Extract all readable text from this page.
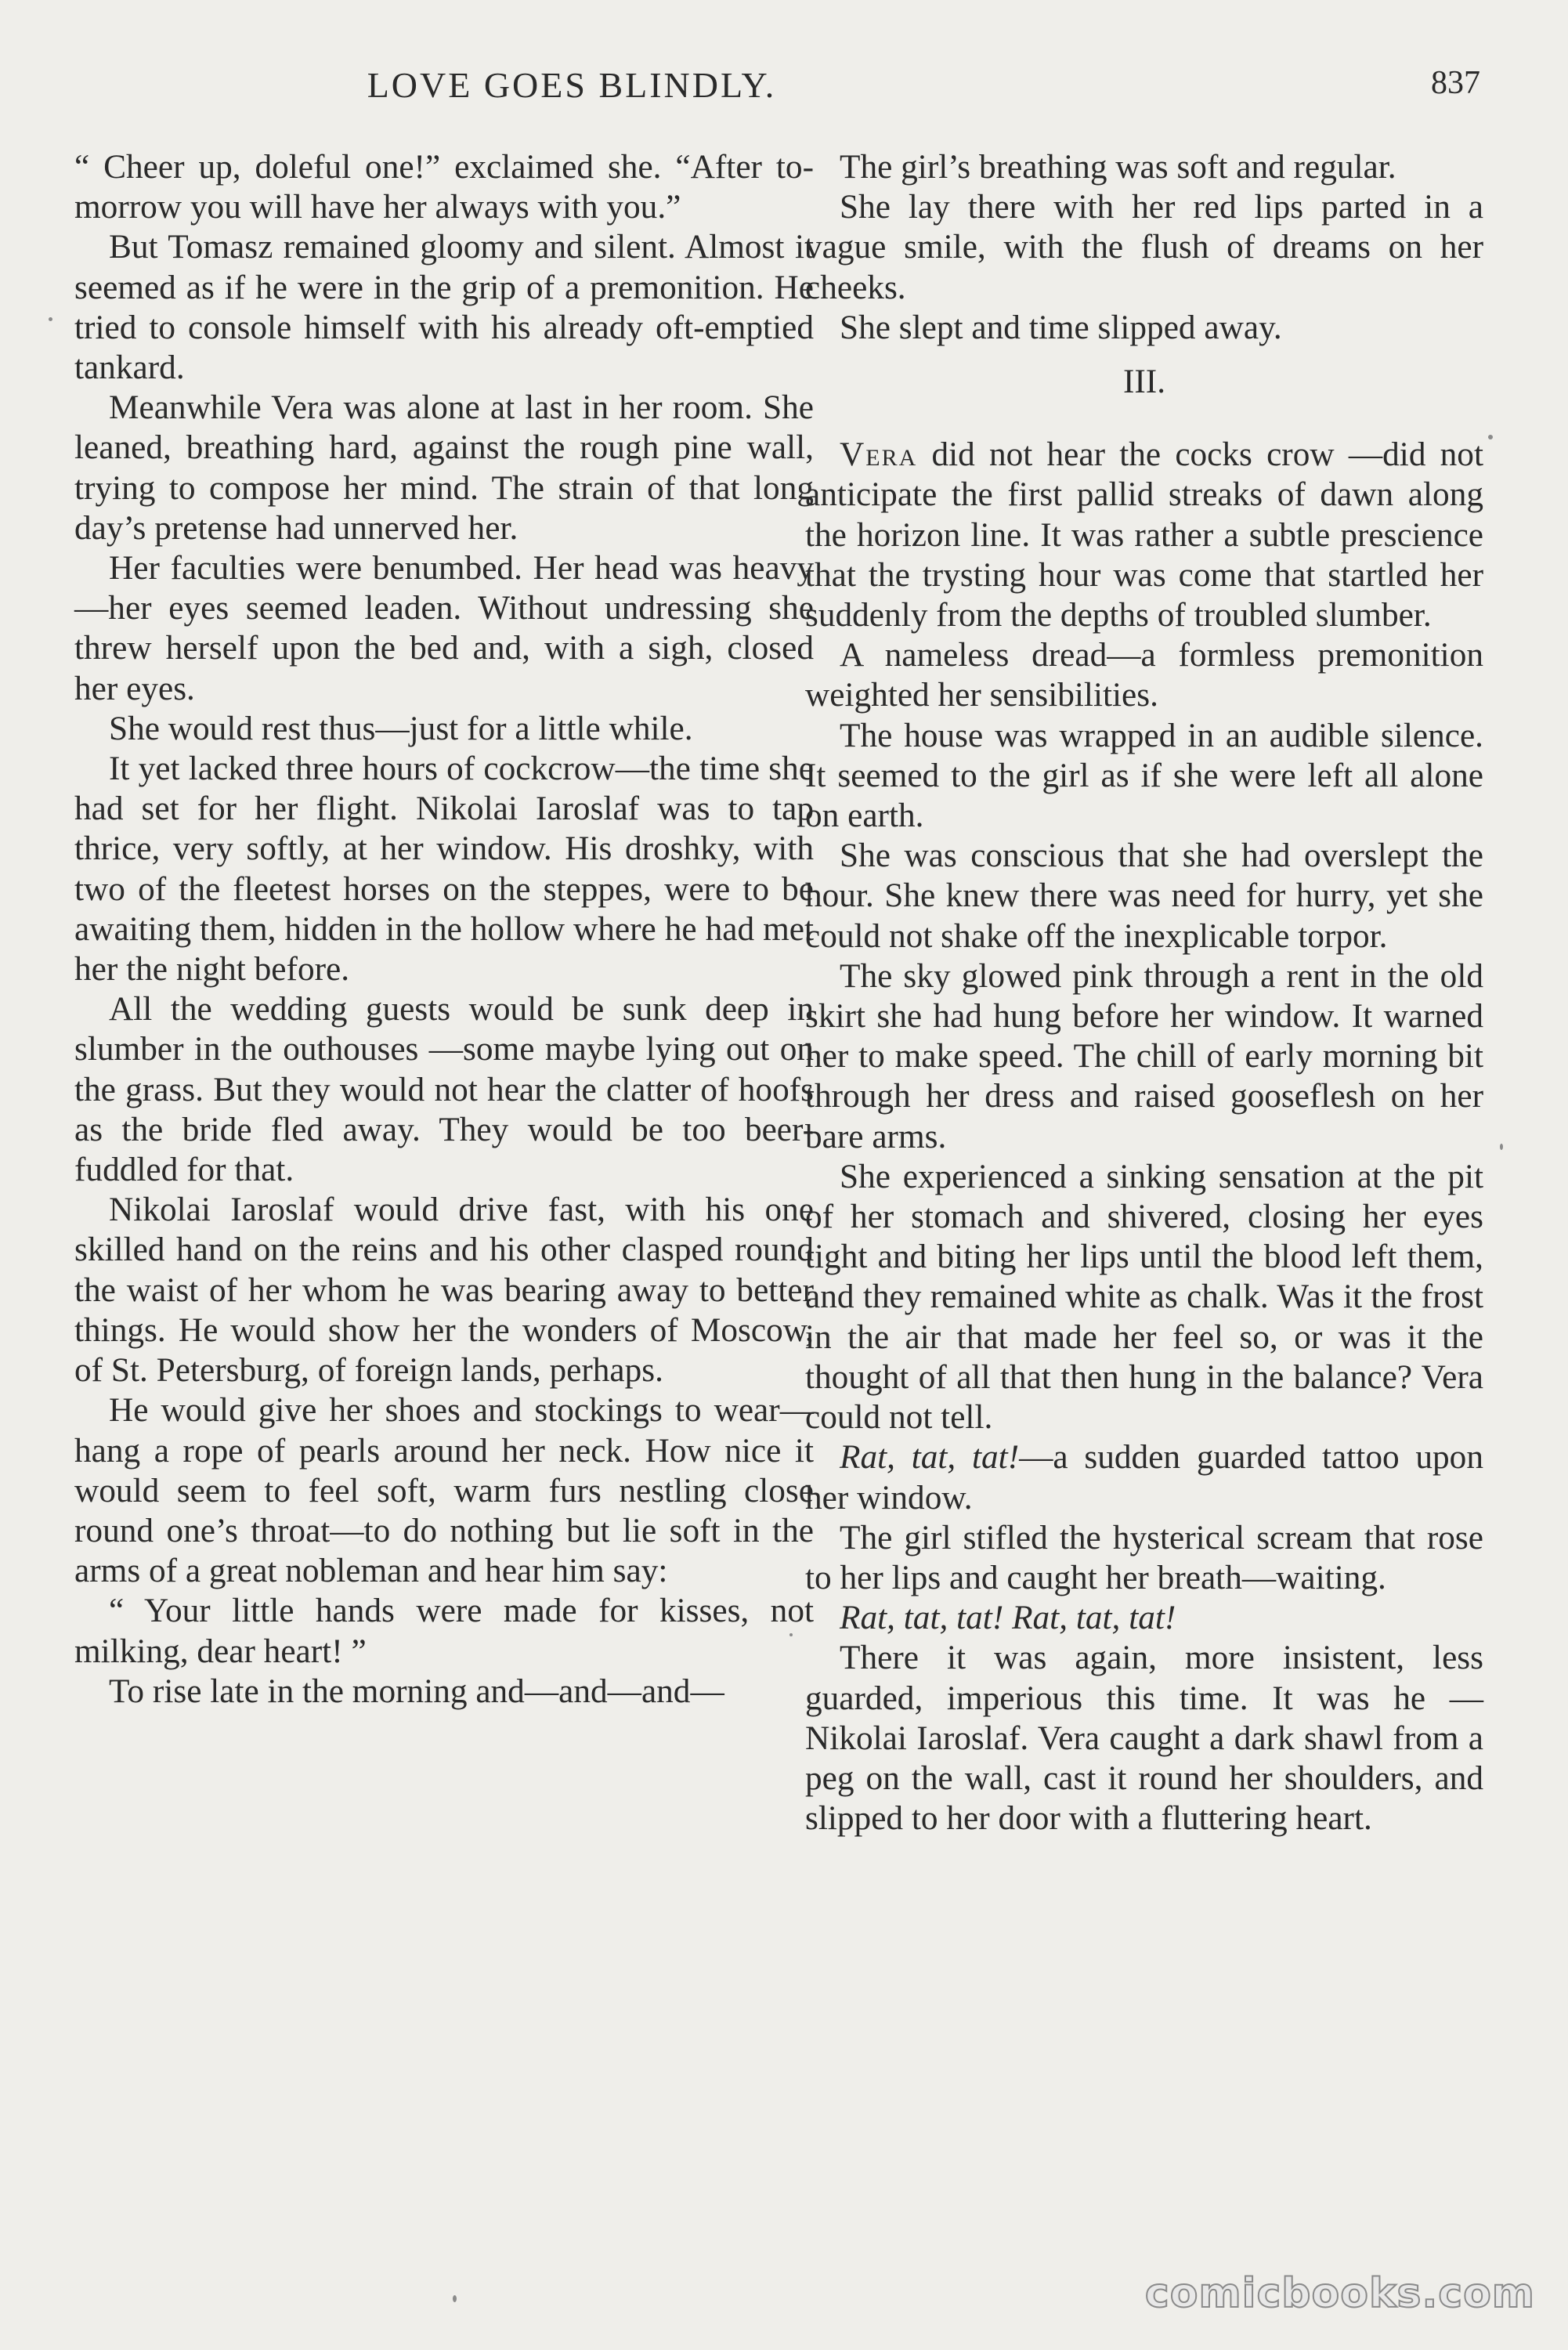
LOVE GOES BLINDLY.	837

“ Cheer up, doleful one!” exclaimed she. “After to-morrow you will have her always with you.”

But Tomasz remained gloomy and silent. Almost it seemed as if he were in the grip of a premonition. He tried to console himself with his already oft-emptied tankard.

Meanwhile Vera was alone at last in her room. She leaned, breathing hard, against the rough pine wall, trying to compose her mind. The strain of that long day’s pretense had unnerved her.

Her faculties were benumbed. Her head was heavy—her eyes seemed leaden. Without undressing she threw herself upon the bed and, with a sigh, closed her eyes.

She would rest thus—just for a little while.

It yet lacked three hours of cockcrow—the time she had set for her flight. Nikolai Iaroslaf was to tap thrice, very softly, at her window. His droshky, with two of the fleetest horses on the steppes, were to be awaiting them, hidden in the hollow where he had met her the night before.

All the wedding guests would be sunk deep in slumber in the outhouses —some maybe lying out on the grass. But they would not hear the clatter of hoofs as the bride fled away. They would be too beer-fuddled for that.

Nikolai Iaroslaf would drive fast, with his one skilled hand on the reins and his other clasped round the waist of her whom he was bearing away to better things. He would show her the wonders of Moscow, of St. Petersburg, of foreign lands, perhaps.

He would give her shoes and stockings to wear—hang a rope of pearls around her neck. How nice it would seem to feel soft, warm furs nestling close round one’s throat—to do nothing but lie soft in the arms of a great nobleman and hear him say:

“ Your little hands were made for kisses, not milking, dear heart! ”

To rise late in the morning and—and—and—

The girl’s breathing was soft and regular.

She lay there with her red lips parted in a vague smile, with the flush of dreams on her cheeks.

She slept and time slipped away.

III.

Vera did not hear the cocks crow —did not anticipate the first pallid streaks of dawn along the horizon line. It was rather a subtle prescience that the trysting hour was come that startled her suddenly from the depths of troubled slumber.

A nameless dread—a formless premonition weighted her sensibilities.

The house was wrapped in an audible silence. It seemed to the girl as if she were left all alone on earth.

She was conscious that she had overslept the hour. She knew there was need for hurry, yet she could not shake off the inexplicable torpor.

The sky glowed pink through a rent in the old skirt she had hung before her window. It warned her to make speed. The chill of early morning bit through her dress and raised gooseflesh on her bare arms.

She experienced a sinking sensation at the pit of her stomach and shivered, closing her eyes tight and biting her lips until the blood left them, and they remained white as chalk. Was it the frost in the air that made her feel so, or was it the thought of all that then hung in the balance? Vera could not tell.

Rat, tat, tat!—a sudden guarded tattoo upon her window.

The girl stifled the hysterical scream that rose to her lips and caught her breath—waiting.

Rat, tat, tat! Rat, tat, tat!

There it was again, more insistent, less guarded, imperious this time. It was he — Nikolai Iaroslaf. Vera caught a dark shawl from a peg on the wall, cast it round her shoulders, and slipped to her door with a fluttering heart.

comicbooks.com
